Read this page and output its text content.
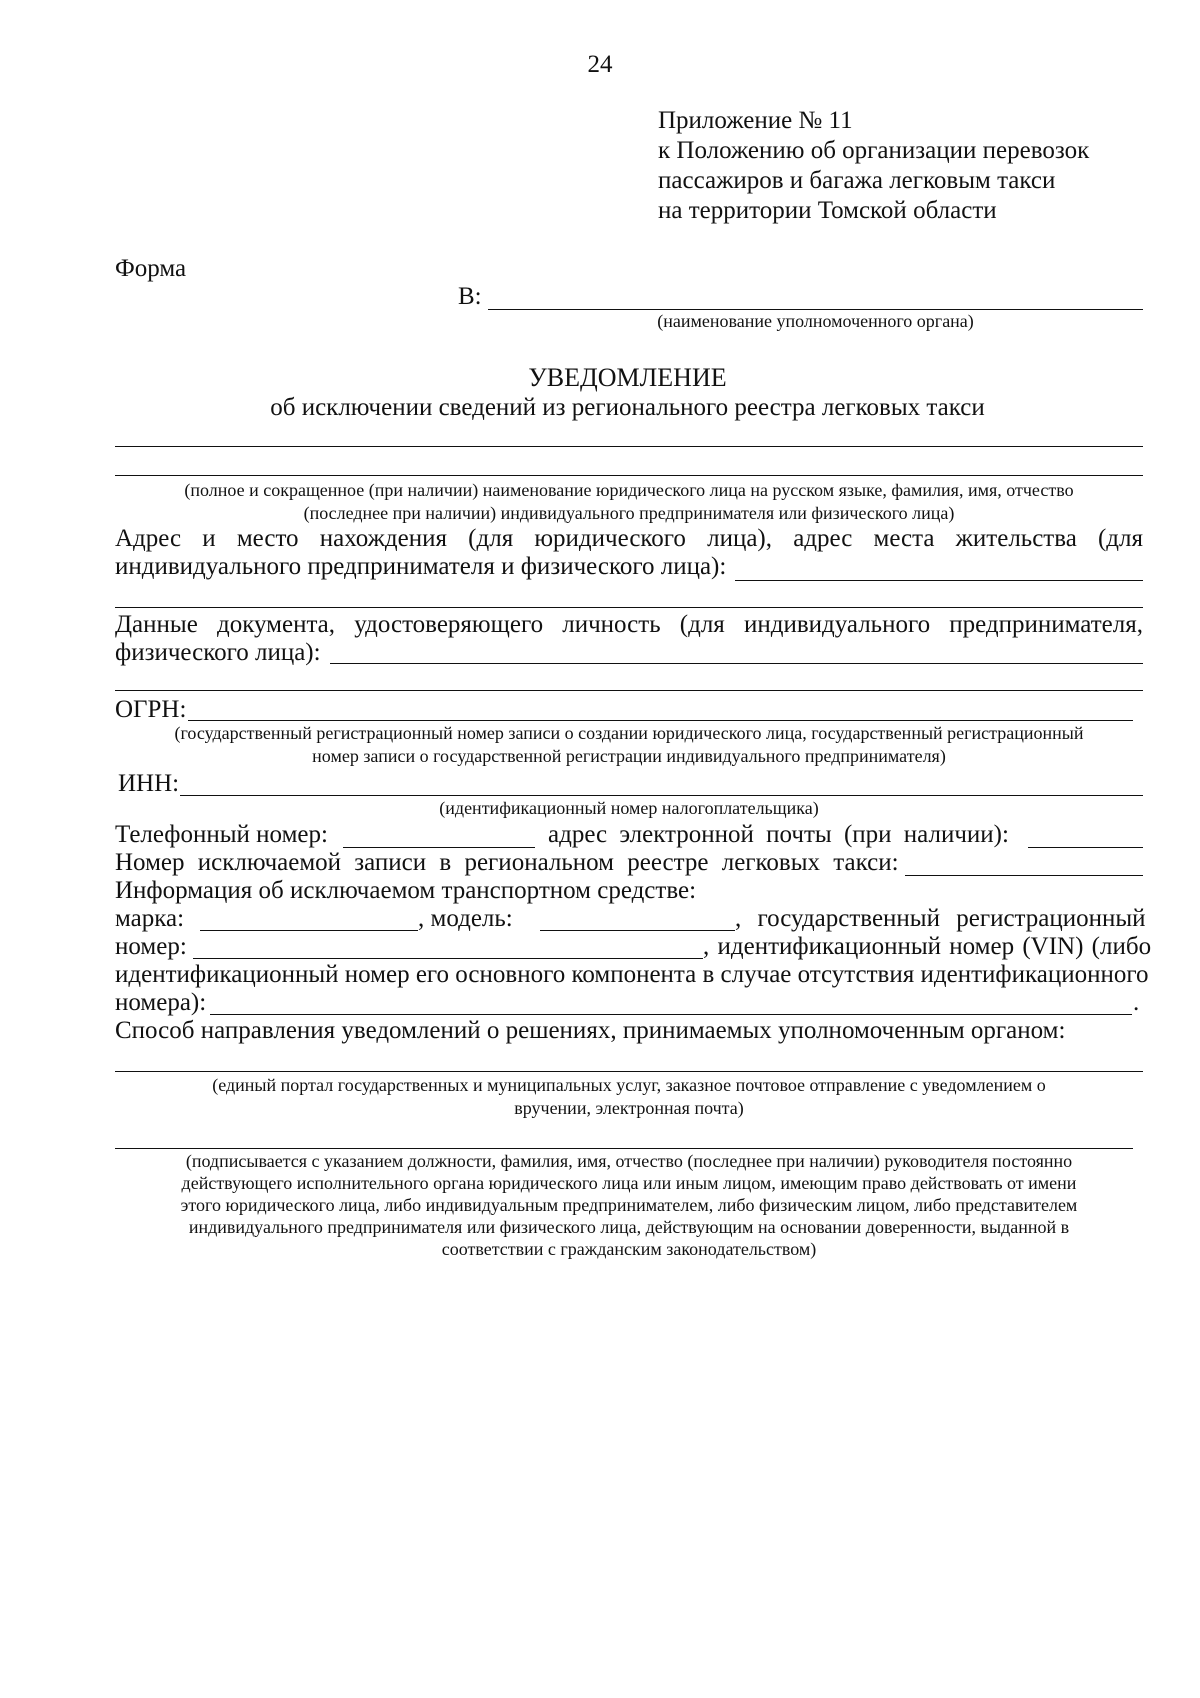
24
Приложение № 11
к Положению об организации перевозок
пассажиров и багажа легковым такси
на территории Томской области
Форма
В:
(наименование уполномоченного органа)
УВЕДОМЛЕНИЕ
об исключении сведений из регионального реестра легковых такси
(полное и сокращенное (при наличии) наименование юридического лица на русском языке, фамилия, имя, отчество
(последнее при наличии) индивидуального предпринимателя или физического лица)
Адрес и место нахождения (для юридического лица), адрес места жительства (для
индивидуального предпринимателя и физического лица):
Данные документа, удостоверяющего личность (для индивидуального предпринимателя,
физического лица):
ОГРН:
(государственный регистрационный номер записи о создании юридического лица, государственный регистрационный
номер записи о государственной регистрации индивидуального предпринимателя)
ИНН:
(идентификационный номер налогоплательщика)
Телефонный номер:	адрес электронной почты (при наличии):
Номер исключаемой записи в региональном реестре легковых такси:
Информация об исключаемом транспортном средстве:
марка:	, модель:	, государственный регистрационный
номер:	, идентификационный номер (VIN) (либо
идентификационный номер его основного компонента в случае отсутствия идентификационного
номера):	.
Способ направления уведомлений о решениях, принимаемых уполномоченным органом:
(единый портал государственных и муниципальных услуг, заказное почтовое отправление с уведомлением о
вручении, электронная почта)
(подписывается с указанием должности, фамилия, имя, отчество (последнее при наличии) руководителя постоянно
действующего исполнительного органа юридического лица или иным лицом, имеющим право действовать от имени
этого юридического лица, либо индивидуальным предпринимателем, либо физическим лицом, либо представителем
индивидуального предпринимателя или физического лица, действующим на основании доверенности, выданной в
соответствии с гражданским законодательством)
